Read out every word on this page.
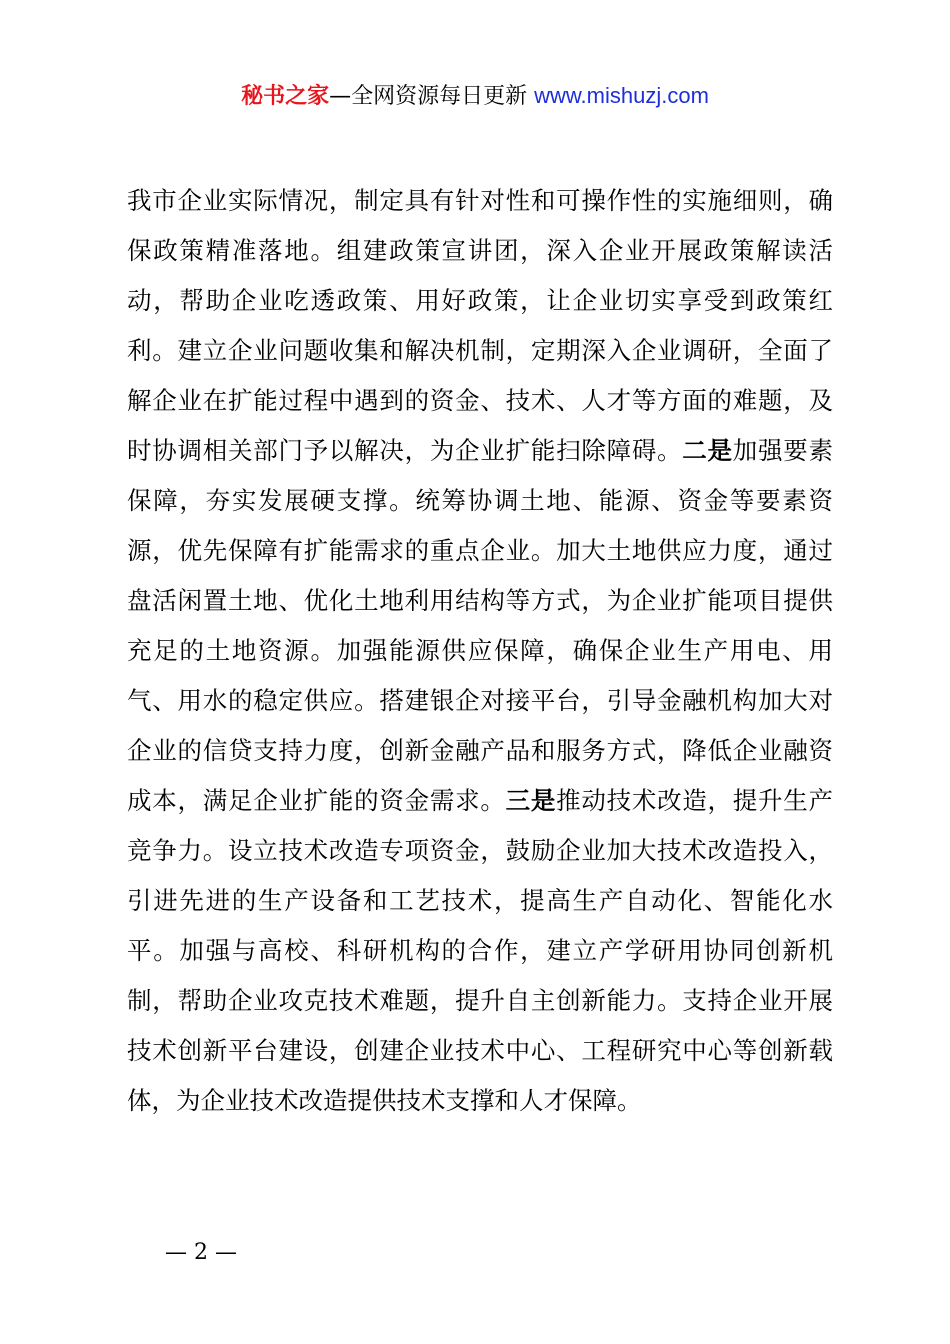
秘书之家—全网资源每日更新 www.mishuzj.com
我市企业实际情况，制定具有针对性和可操作性的实施细则，确保政策精准落地。组建政策宣讲团，深入企业开展政策解读活动，帮助企业吃透政策、用好政策，让企业切实享受到政策红利。建立企业问题收集和解决机制，定期深入企业调研，全面了解企业在扩能过程中遇到的资金、技术、人才等方面的难题，及时协调相关部门予以解决，为企业扩能扫除障碍。二是加强要素保障，夯实发展硬支撑。统筹协调土地、能源、资金等要素资源，优先保障有扩能需求的重点企业。加大土地供应力度，通过盘活闲置土地、优化土地利用结构等方式，为企业扩能项目提供充足的土地资源。加强能源供应保障，确保企业生产用电、用气、用水的稳定供应。搭建银企对接平台，引导金融机构加大对企业的信贷支持力度，创新金融产品和服务方式，降低企业融资成本，满足企业扩能的资金需求。三是推动技术改造，提升生产竞争力。设立技术改造专项资金，鼓励企业加大技术改造投入，引进先进的生产设备和工艺技术，提高生产自动化、智能化水平。加强与高校、科研机构的合作，建立产学研用协同创新机制，帮助企业攻克技术难题，提升自主创新能力。支持企业开展技术创新平台建设，创建企业技术中心、工程研究中心等创新载体，为企业技术改造提供技术支撑和人才保障。
— 2 —
